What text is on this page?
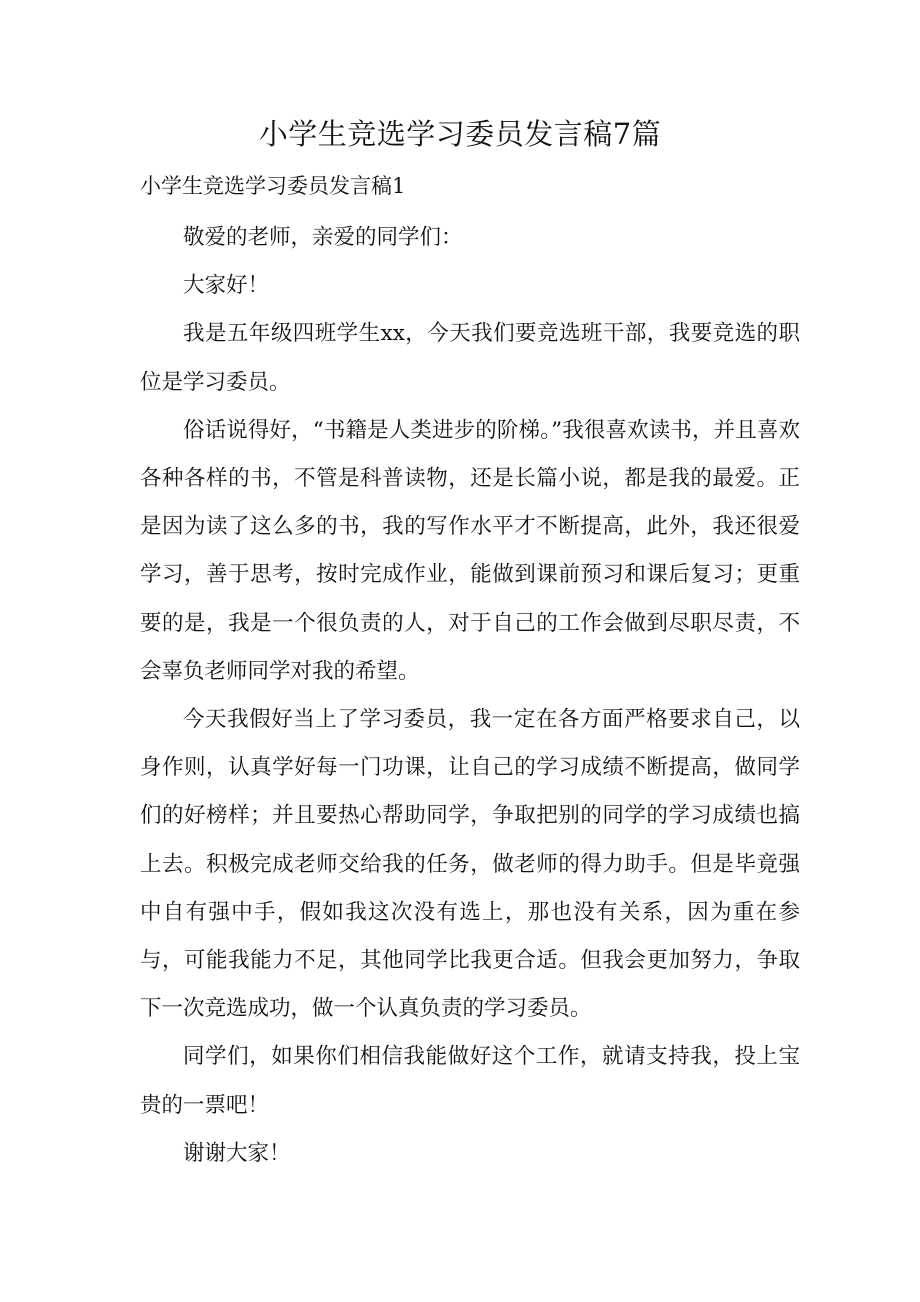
小学生竞选学习委员发言稿7篇
小学生竞选学习委员发言稿1

敬爱的老师，亲爱的同学们：

大家好！

我是五年级四班学生xx，今天我们要竞选班干部，我要竞选的职位是学习委员。

俗话说得好，“书籍是人类进步的阶梯。”我很喜欢读书，并且喜欢各种各样的书，不管是科普读物，还是长篇小说，都是我的最爱。正是因为读了这么多的书，我的写作水平才不断提高，此外，我还很爱学习，善于思考，按时完成作业，能做到课前预习和课后复习；更重要的是，我是一个很负责的人，对于自己的工作会做到尽职尽责，不会辜负老师同学对我的希望。

今天我假好当上了学习委员，我一定在各方面严格要求自己，以身作则，认真学好每一门功课，让自己的学习成绩不断提高，做同学们的好榜样；并且要热心帮助同学，争取把别的同学的学习成绩也搞上去。积极完成老师交给我的任务，做老师的得力助手。但是毕竟强中自有强中手，假如我这次没有选上，那也没有关系，因为重在参与，可能我能力不足，其他同学比我更合适。但我会更加努力，争取下一次竞选成功，做一个认真负责的学习委员。

同学们，如果你们相信我能做好这个工作，就请支持我，投上宝贵的一票吧！

谢谢大家！
